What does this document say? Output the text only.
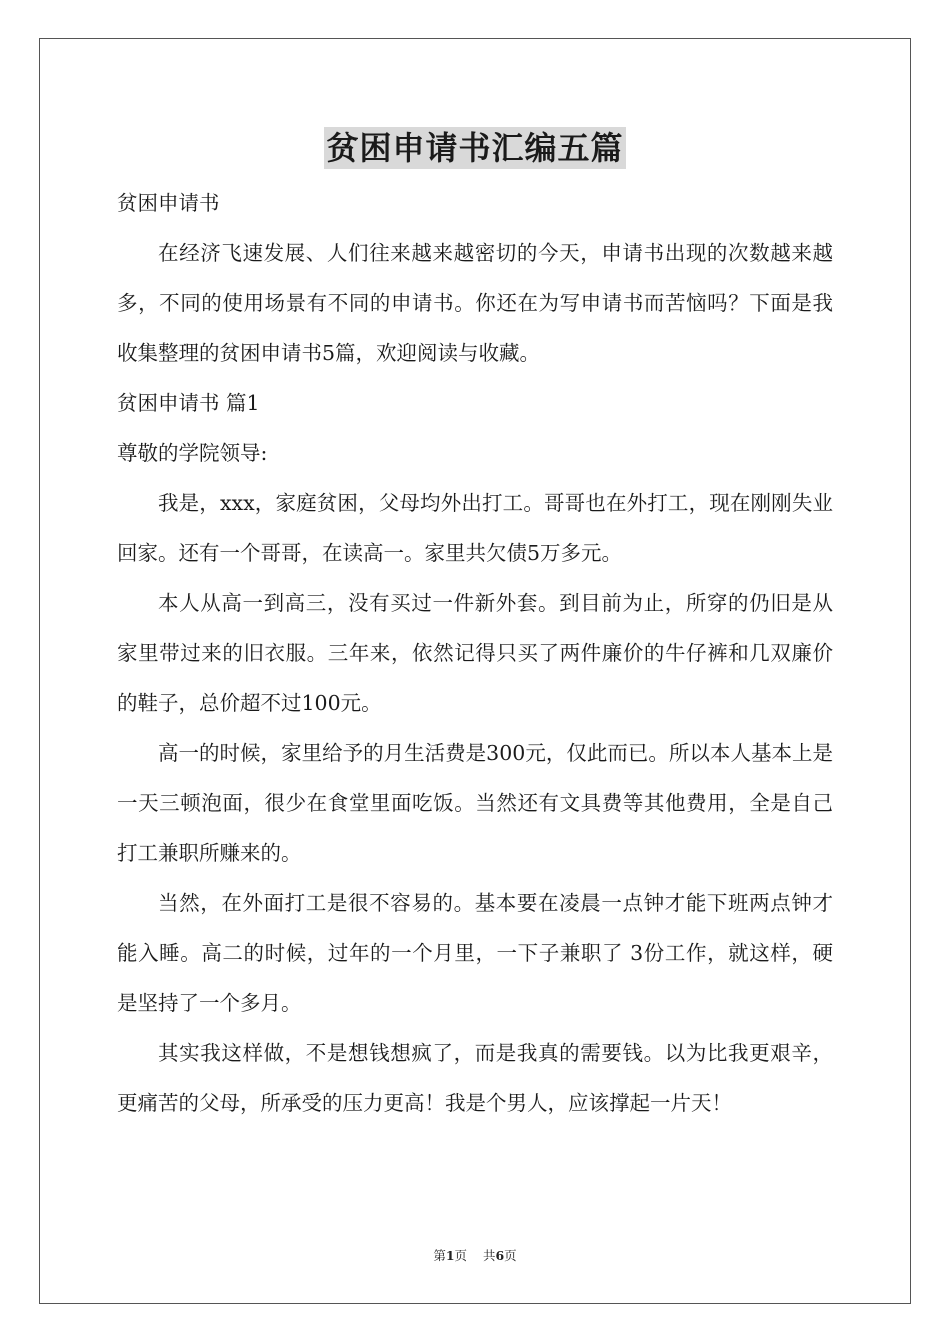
贫困申请书汇编五篇

贫困申请书

在经济飞速发展、人们往来越来越密切的今天，申请书出现的次数越来越多，不同的使用场景有不同的申请书。你还在为写申请书而苦恼吗？下面是我收集整理的贫困申请书5篇，欢迎阅读与收藏。

贫困申请书 篇1

尊敬的学院领导:

我是，xxx，家庭贫困，父母均外出打工。哥哥也在外打工，现在刚刚失业回家。还有一个哥哥，在读高一。家里共欠债5万多元。

本人从高一到高三，没有买过一件新外套。到目前为止，所穿的仍旧是从家里带过来的旧衣服。三年来，依然记得只买了两件廉价的牛仔裤和几双廉价的鞋子，总价超不过100元。

高一的时候，家里给予的月生活费是300元，仅此而已。所以本人基本上是一天三顿泡面，很少在食堂里面吃饭。当然还有文具费等其他费用，全是自己打工兼职所赚来的。

当然，在外面打工是很不容易的。基本要在凌晨一点钟才能下班两点钟才能入睡。高二的时候，过年的一个月里，一下子兼职了 3份工作，就这样，硬是坚持了一个多月。

其实我这样做，不是想钱想疯了，而是我真的需要钱。以为比我更艰辛，更痛苦的父母，所承受的压力更高！我是个男人，应该撑起一片天！

第1页 共6页
